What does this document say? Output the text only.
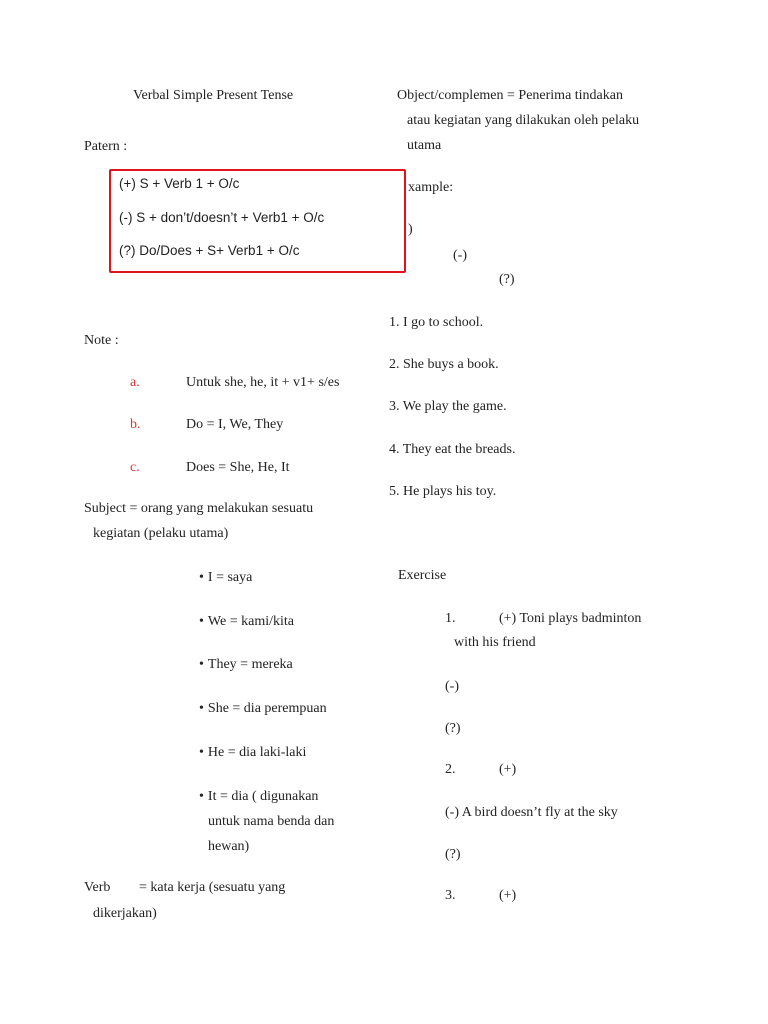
Verbal Simple Present Tense
Patern :
(+) S + Verb 1 + O/c
(-) S + don’t/doesn’t + Verb1 + O/c
(?) Do/Does + S+ Verb1 + O/c
Note :
a.	Untuk she, he, it + v1+ s/es
b.	Do = I, We, They
c.	Does = She, He, It
Subject = orang yang melakukan sesuatu
kegiatan (pelaku utama)
• I = saya
• We = kami/kita
• They = mereka
• She = dia perempuan
• He = dia laki-laki
• It = dia ( digunakan
untuk nama benda dan
hewan)
Verb = kata kerja (sesuatu yang
dikerjakan)
Object/complemen = Penerima tindakan
atau kegiatan yang dilakukan oleh pelaku
utama
xample:
)
(-)
(?)
1. I go to school.
2. She buys a book.
3. We play the game.
4. They eat the breads.
5. He plays his toy.
Exercise
1.	(+) Toni plays badminton
with his friend
(-)
(?)
2.	(+)
(-) A bird doesn’t fly at the sky
(?)
3.	(+)
